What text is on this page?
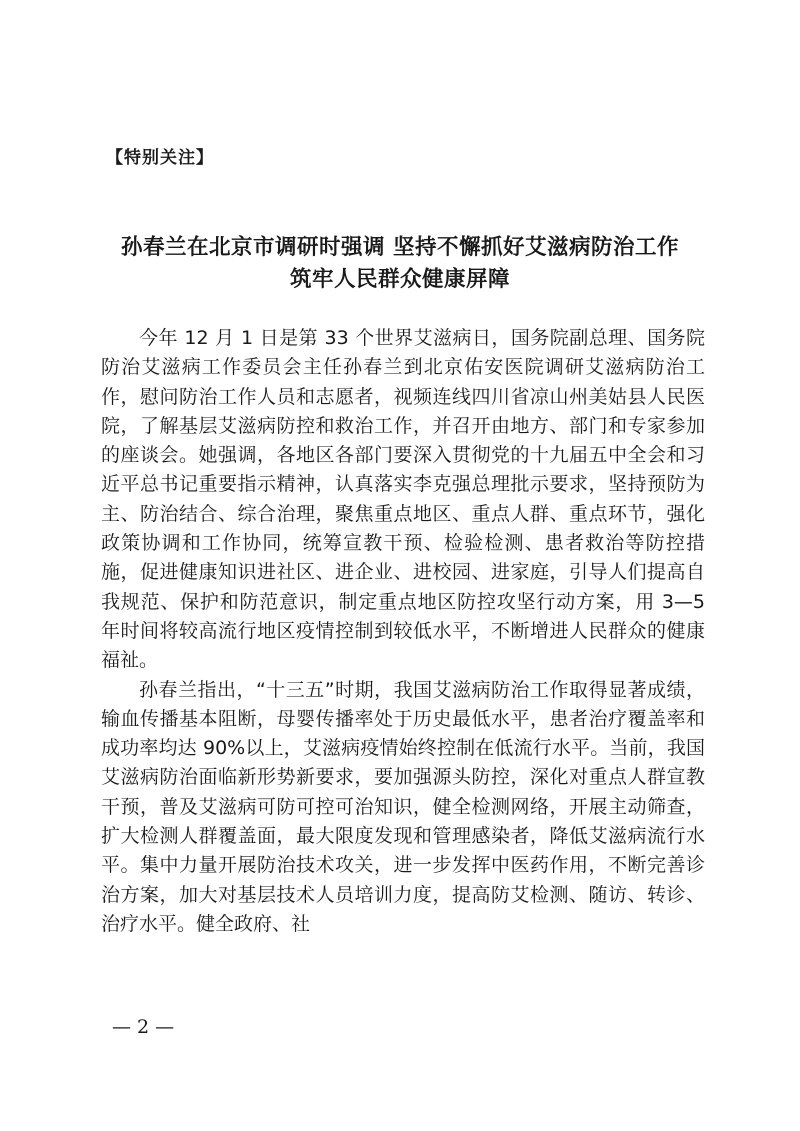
【特别关注】
孙春兰在北京市调研时强调 坚持不懈抓好艾滋病防治工作
筑牢人民群众健康屏障

今年 12 月 1 日是第 33 个世界艾滋病日，国务院副总理、国务院防治艾滋病工作委员会主任孙春兰到北京佑安医院调研艾滋病防治工作，慰问防治工作人员和志愿者，视频连线四川省凉山州美姑县人民医院，了解基层艾滋病防控和救治工作，并召开由地方、部门和专家参加的座谈会。她强调，各地区各部门要深入贯彻党的十九届五中全会和习近平总书记重要指示精神，认真落实李克强总理批示要求，坚持预防为主、防治结合、综合治理，聚焦重点地区、重点人群、重点环节，强化政策协调和工作协同，统筹宣教干预、检验检测、患者救治等防控措施，促进健康知识进社区、进企业、进校园、进家庭，引导人们提高自我规范、保护和防范意识，制定重点地区防控攻坚行动方案，用 3—5 年时间将较高流行地区疫情控制到较低水平，不断增进人民群众的健康福祉。

孙春兰指出，“十三五”时期，我国艾滋病防治工作取得显著成绩，输血传播基本阻断，母婴传播率处于历史最低水平，患者治疗覆盖率和成功率均达 90%以上，艾滋病疫情始终控制在低流行水平。当前，我国艾滋病防治面临新形势新要求，要加强源头防控，深化对重点人群宣教干预，普及艾滋病可防可控可治知识，健全检测网络，开展主动筛查，扩大检测人群覆盖面，最大限度发现和管理感染者，降低艾滋病流行水平。集中力量开展防治技术攻关，进一步发挥中医药作用，不断完善诊治方案，加大对基层技术人员培训力度，提高防艾检测、随访、转诊、治疗水平。健全政府、社

— 2 —
